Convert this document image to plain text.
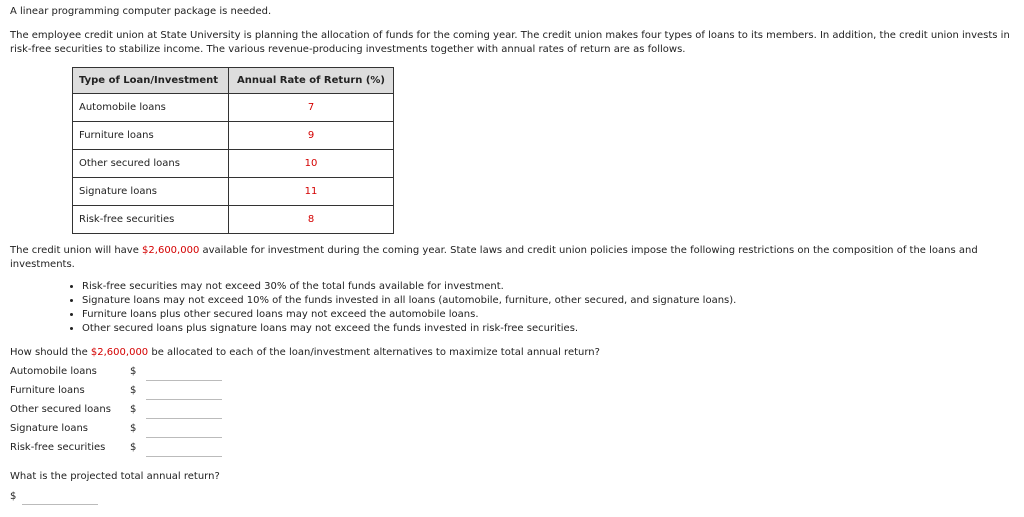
A linear programming computer package is needed.

The employee credit union at State University is planning the allocation of funds for the coming year. The credit union makes four types of loans to its members. In addition, the credit union invests in risk-free securities to stabilize income. The various revenue-producing investments together with annual rates of return are as follows.

Type of Loan/Investment	Annual Rate of Return (%)
Automobile loans	7
Furniture loans	9
Other secured loans	10
Signature loans	11
Risk-free securities	8

The credit union will have $2,600,000 available for investment during the coming year. State laws and credit union policies impose the following restrictions on the composition of the loans and investments.

• Risk-free securities may not exceed 30% of the total funds available for investment.
• Signature loans may not exceed 10% of the funds invested in all loans (automobile, furniture, other secured, and signature loans).
• Furniture loans plus other secured loans may not exceed the automobile loans.
• Other secured loans plus signature loans may not exceed the funds invested in risk-free securities.

How should the $2,600,000 be allocated to each of the loan/investment alternatives to maximize total annual return?

Automobile loans	$
Furniture loans	$
Other secured loans $
Signature loans	$
Risk-free securities $

What is the projected total annual return?

$
